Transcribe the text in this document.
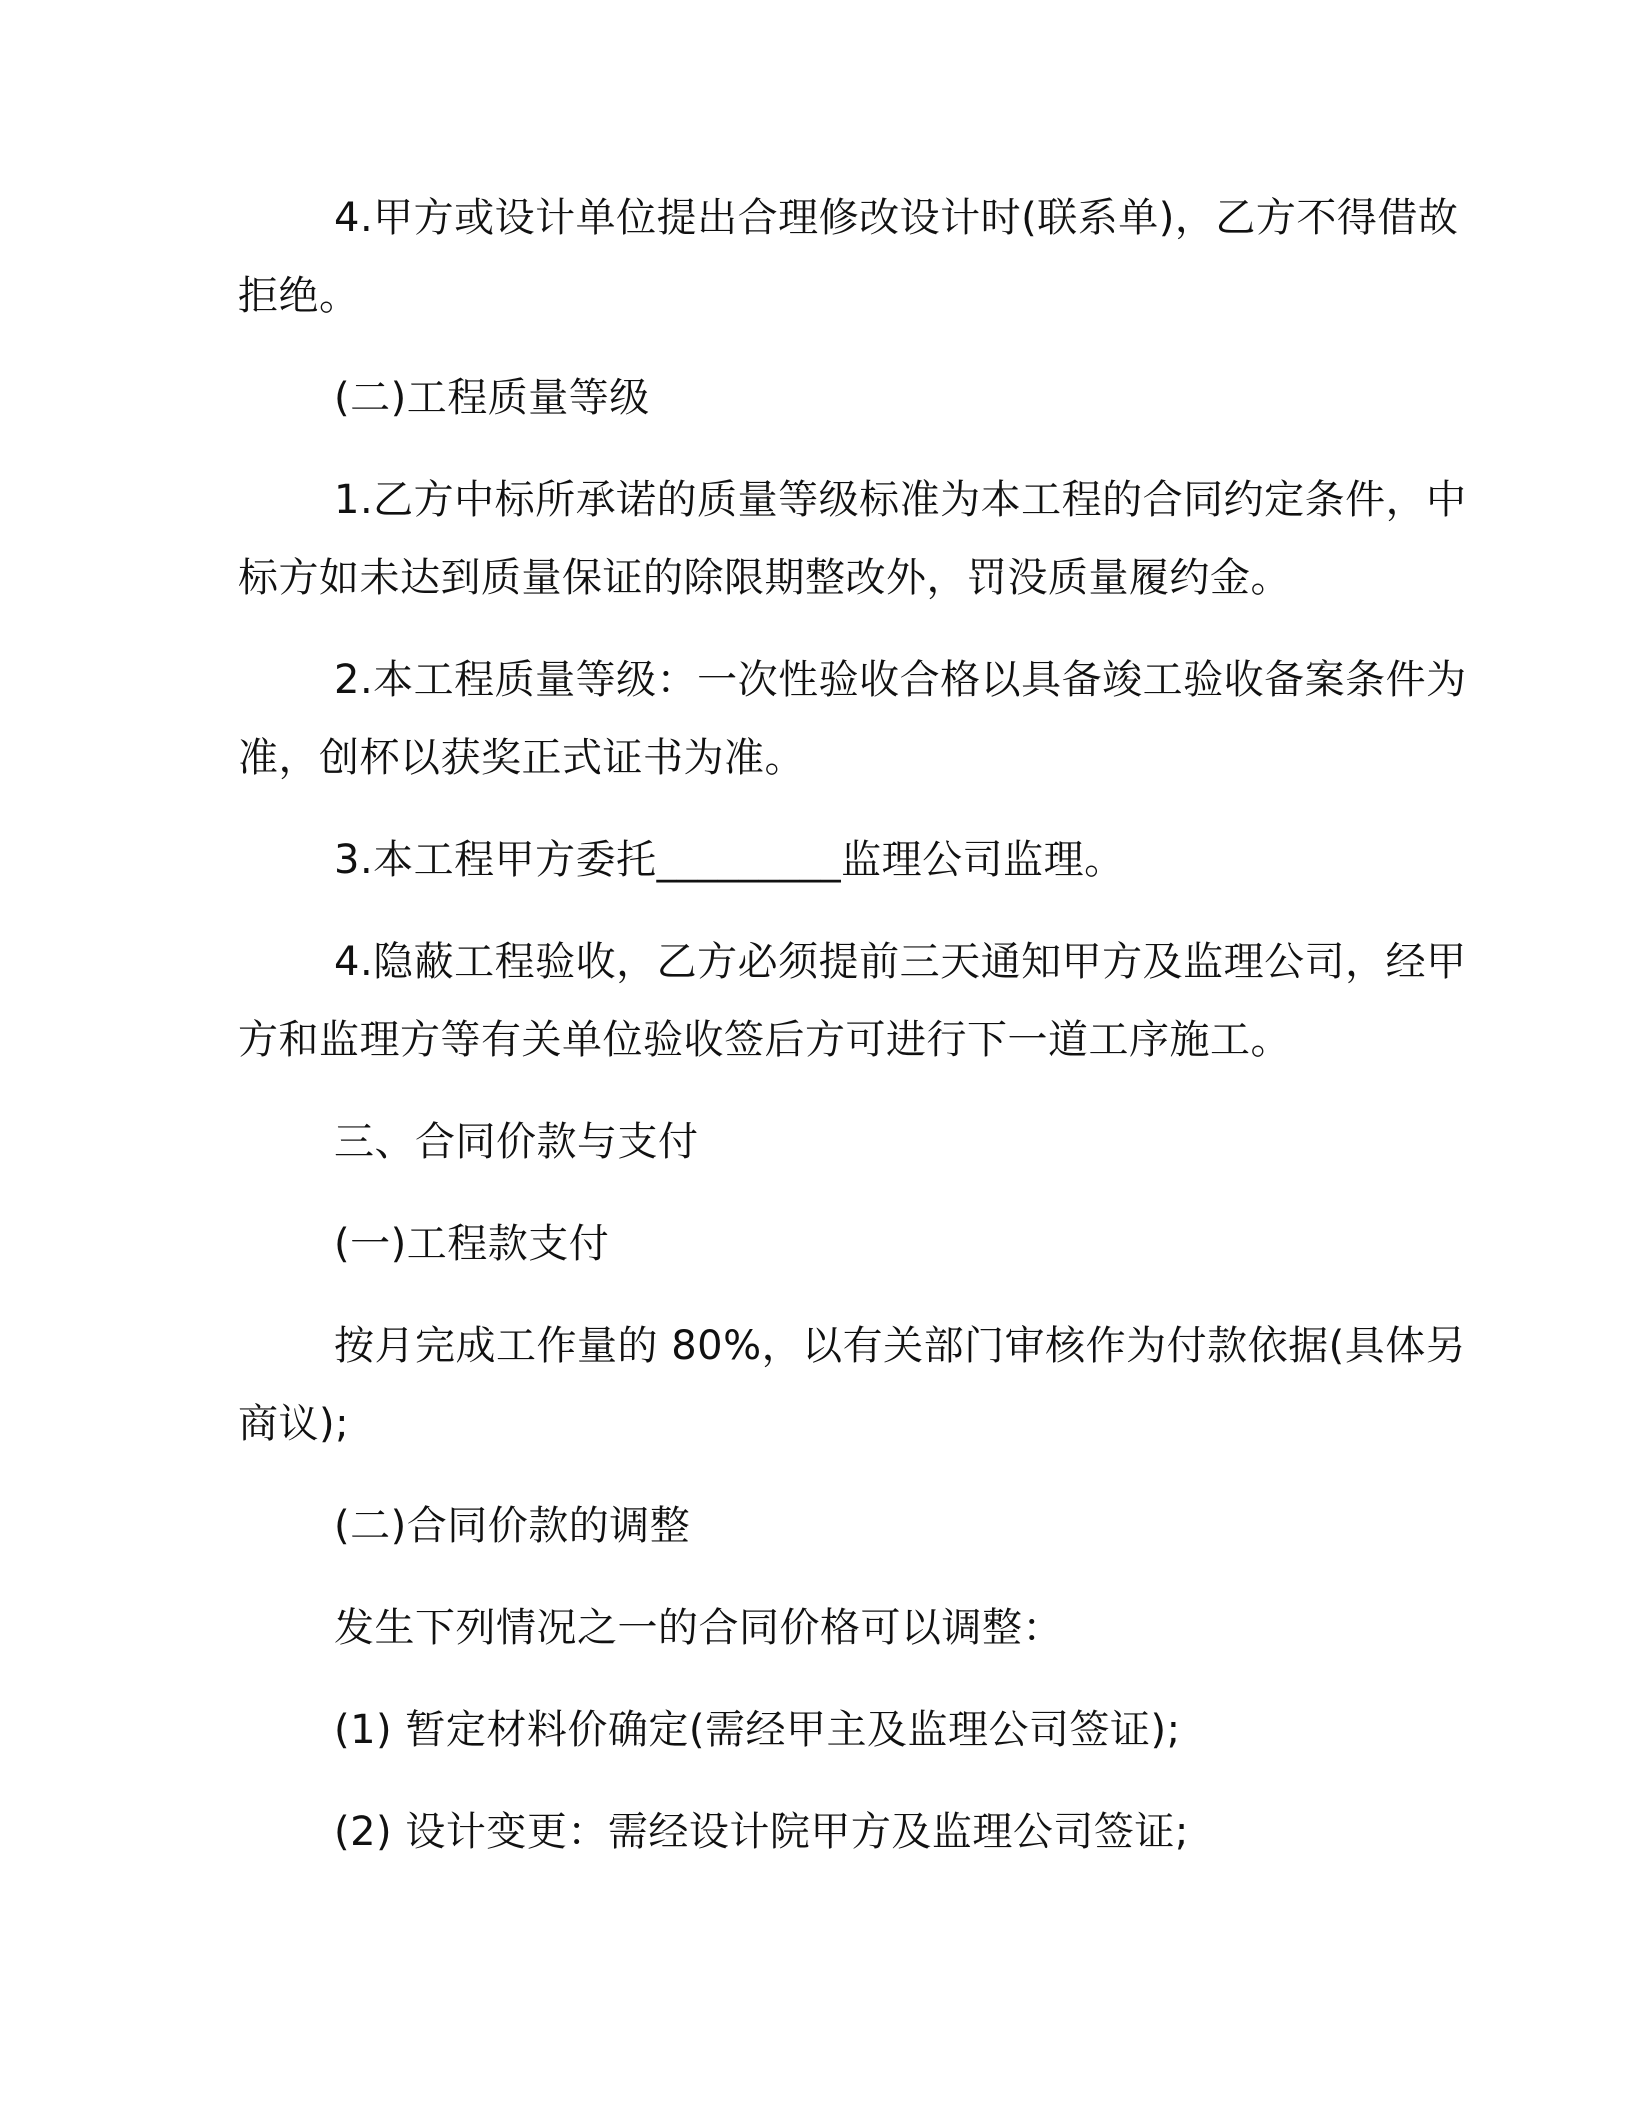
4.甲方或设计单位提出合理修改设计时(联系单)，乙方不得借故
拒绝。
(二)工程质量等级
1.乙方中标所承诺的质量等级标准为本工程的合同约定条件，中
标方如未达到质量保证的除限期整改外，罚没质量履约金。
2.本工程质量等级：一次性验收合格以具备竣工验收备案条件为
准，创杯以获奖正式证书为准。
3.本工程甲方委托_________监理公司监理。
4.隐蔽工程验收，乙方必须提前三天通知甲方及监理公司，经甲
方和监理方等有关单位验收签后方可进行下一道工序施工。
三、合同价款与支付
(一)工程款支付
按月完成工作量的 80%，以有关部门审核作为付款依据(具体另
商议);
(二)合同价款的调整
发生下列情况之一的合同价格可以调整：
(1) 暂定材料价确定(需经甲主及监理公司签证);
(2) 设计变更：需经设计院甲方及监理公司签证;
